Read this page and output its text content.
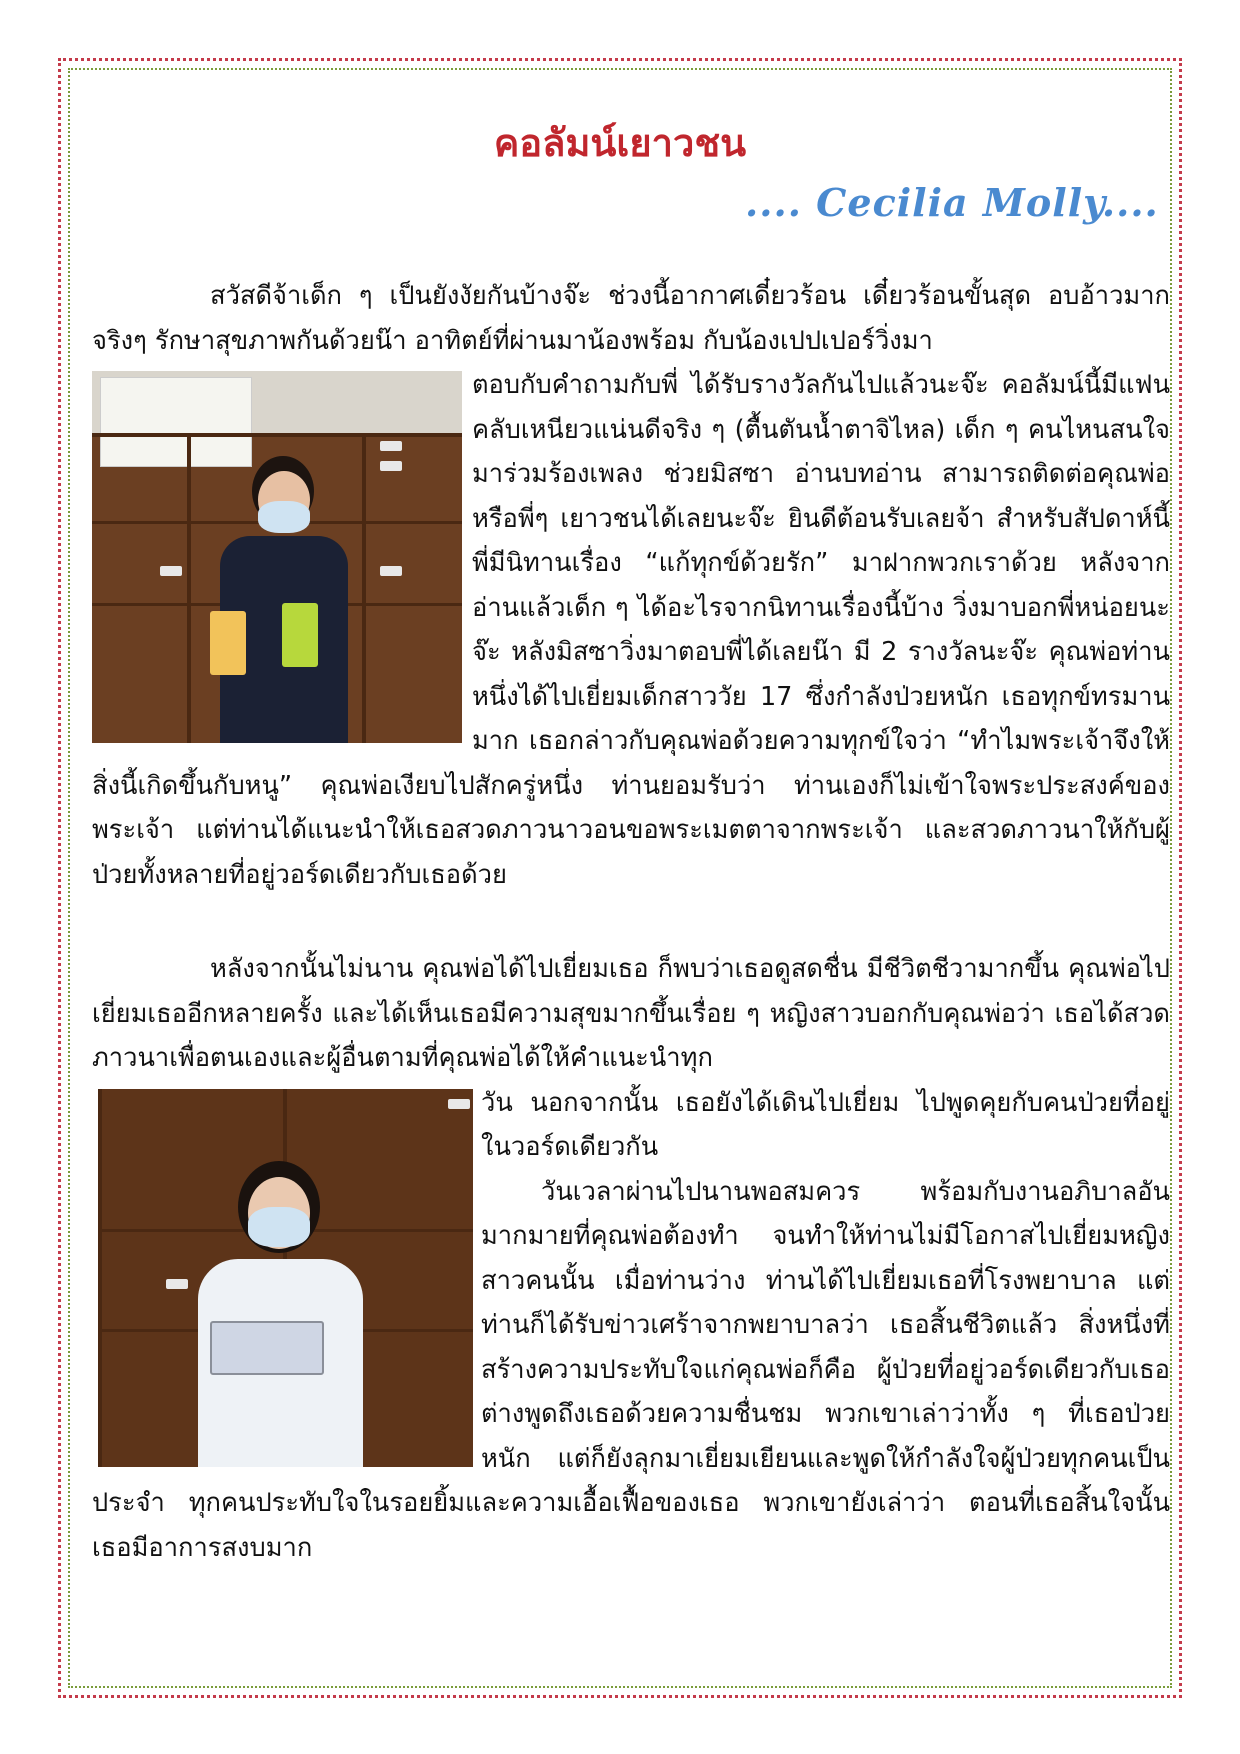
คอลัมน์เยาวชน
.... Cecilia Molly....

สวัสดีจ้าเด็ก ๆ เป็นยังงัยกันบ้างจ๊ะ ช่วงนี้อากาศเดี๋ยวร้อน เดี๋ยวร้อนขั้นสุด อบอ้าวมากจริงๆ รักษาสุขภาพกันด้วยน๊า อาทิตย์ที่ผ่านมาน้องพร้อม กับน้องเปปเปอร์วิ่งมา

ตอบกับคำถามกับพี่ ได้รับรางวัลกันไปแล้วนะจ๊ะ คอลัมน์นี้มีแฟนคลับเหนียวแน่นดีจริง ๆ (ตื้นตันน้ำตาจิไหล) เด็ก ๆ คนไหนสนใจมาร่วมร้องเพลง ช่วยมิสซา อ่านบทอ่าน สามารถติดต่อคุณพ่อ หรือพี่ๆ เยาวชนได้เลยนะจ๊ะ ยินดีต้อนรับเลยจ้า สำหรับสัปดาห์นี้พี่มีนิทานเรื่อง “แก้ทุกข์ด้วยรัก” มาฝากพวกเราด้วย หลังจากอ่านแล้วเด็ก ๆ ได้อะไรจากนิทานเรื่องนี้บ้าง วิ่งมาบอกพี่หน่อยนะจ๊ะ หลังมิสซาวิ่งมาตอบพี่ได้เลยน๊า มี 2 รางวัลนะจ๊ะ คุณพ่อท่านหนึ่งได้ไปเยี่ยมเด็กสาววัย 17 ซึ่งกำลังป่วยหนัก เธอทุกข์ทรมานมาก เธอกล่าวกับคุณพ่อด้วยความทุกข์ใจว่า “ทำไมพระเจ้าจึงให้สิ่งนี้เกิดขึ้นกับหนู” คุณพ่อเงียบไปสักครู่หนึ่ง ท่านยอมรับว่า ท่านเองก็ไม่เข้าใจพระประสงค์ของพระเจ้า แต่ท่านได้แนะนำให้เธอสวดภาวนาวอนขอพระเมตตาจากพระเจ้า และสวดภาวนาให้กับผู้ป่วยทั้งหลายที่อยู่วอร์ดเดียวกับเธอด้วย

หลังจากนั้นไม่นาน คุณพ่อได้ไปเยี่ยมเธอ ก็พบว่าเธอดูสดชื่น มีชีวิตชีวามากขึ้น คุณพ่อไปเยี่ยมเธออีกหลายครั้ง และได้เห็นเธอมีความสุขมากขึ้นเรื่อย ๆ หญิงสาวบอกกับคุณพ่อว่า เธอได้สวดภาวนาเพื่อตนเองและผู้อื่นตามที่คุณพ่อได้ให้คำแนะนำทุก

วัน นอกจากนั้น เธอยังได้เดินไปเยี่ยม ไปพูดคุยกับคนป่วยที่อยู่ในวอร์ดเดียวกัน

วันเวลาผ่านไปนานพอสมควร พร้อมกับงานอภิบาลอันมากมายที่คุณพ่อต้องทำ จนทำให้ท่านไม่มีโอกาสไปเยี่ยมหญิงสาวคนนั้น เมื่อท่านว่าง ท่านได้ไปเยี่ยมเธอที่โรงพยาบาล แต่ท่านก็ได้รับข่าวเศร้าจากพยาบาลว่า เธอสิ้นชีวิตแล้ว สิ่งหนึ่งที่สร้างความประทับใจแก่คุณพ่อก็คือ ผู้ป่วยที่อยู่วอร์ดเดียวกับเธอต่างพูดถึงเธอด้วยความชื่นชม พวกเขาเล่าว่าทั้ง ๆ ที่เธอป่วยหนัก แต่ก็ยังลุกมาเยี่ยมเยียนและพูดให้กำลังใจผู้ป่วยทุกคนเป็นประจำ ทุกคนประทับใจในรอยยิ้มและความเอื้อเฟื้อของเธอ พวกเขายังเล่าว่า ตอนที่เธอสิ้นใจนั้น เธอมีอาการสงบมาก
